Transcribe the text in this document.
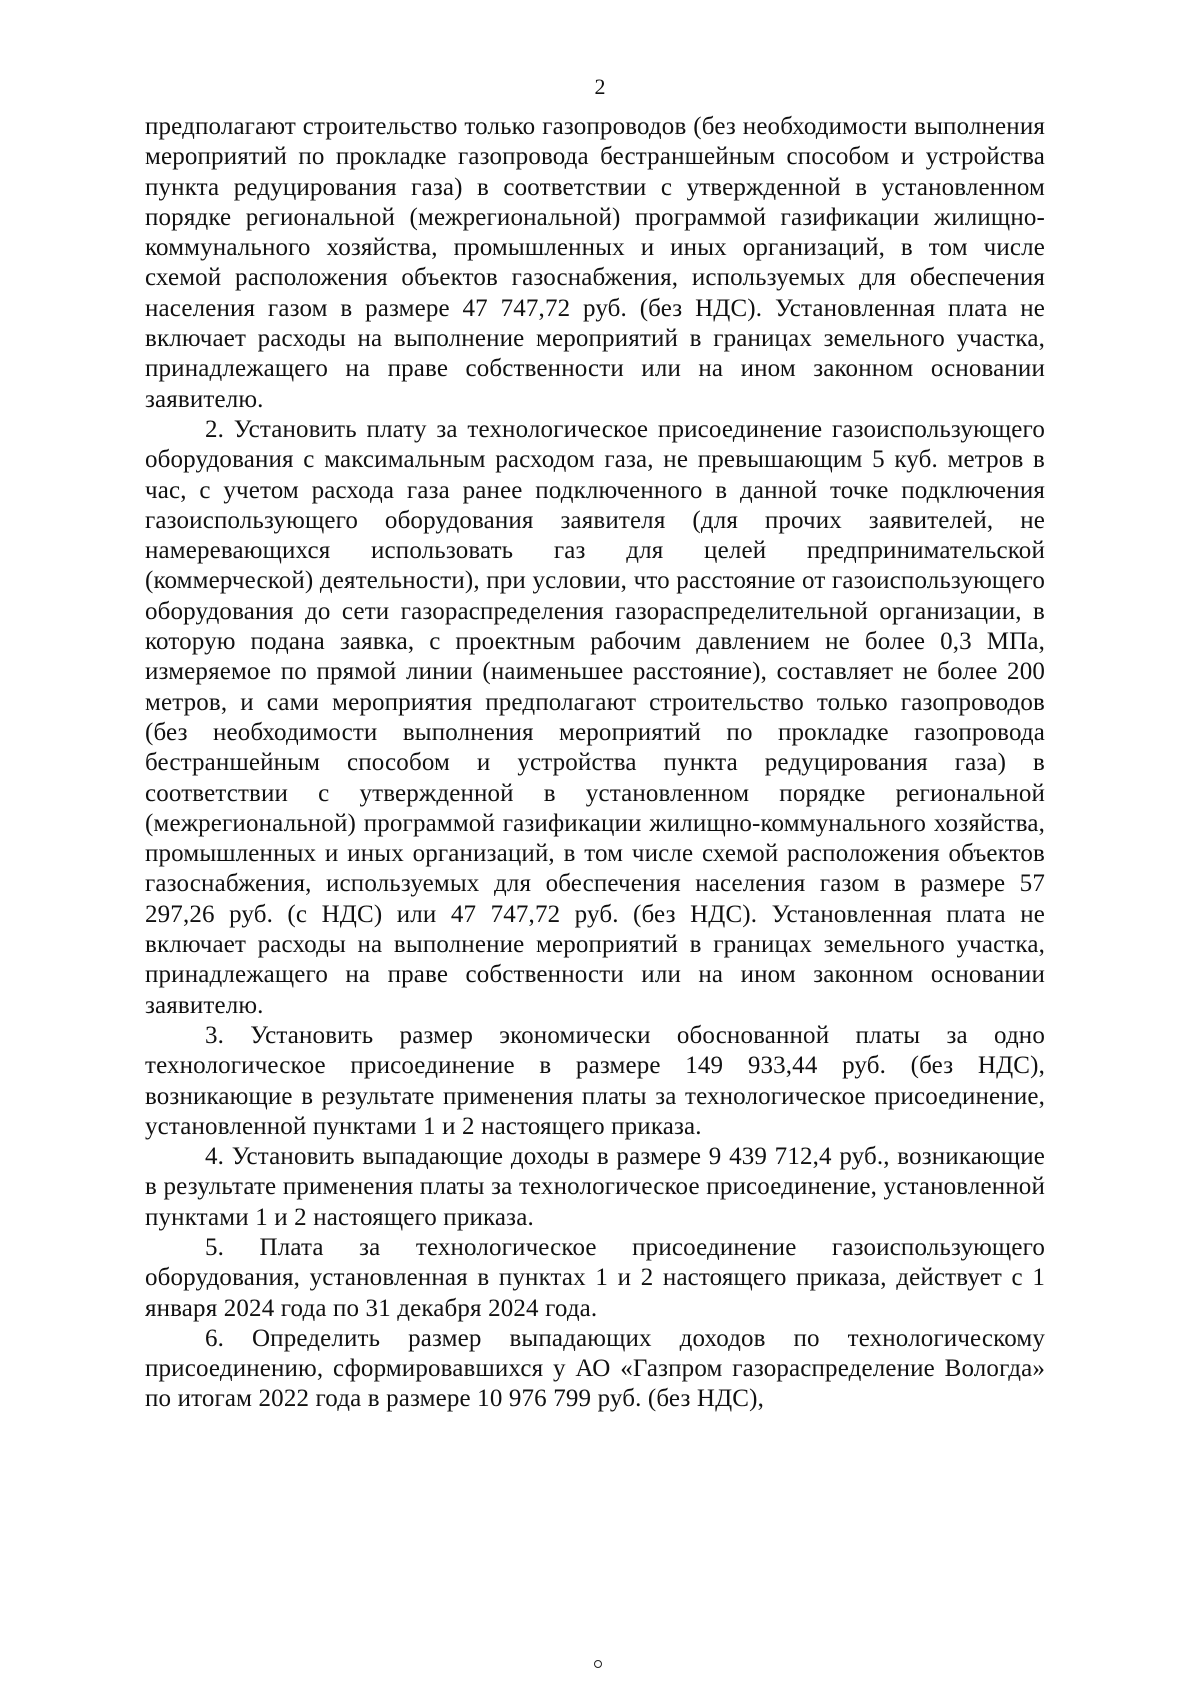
2

предполагают строительство только газопроводов (без необходимости выполнения мероприятий по прокладке газопровода бестраншейным способом и устройства пункта редуцирования газа) в соответствии с утвержденной в установленном порядке региональной (межрегиональной) программой газификации жилищно-коммунального хозяйства, промышленных и иных организаций, в том числе схемой расположения объектов газоснабжения, используемых для обеспечения населения газом в размере 47 747,72 руб. (без НДС). Установленная плата не включает расходы на выполнение мероприятий в границах земельного участка, принадлежащего на праве собственности или на ином законном основании заявителю.

2. Установить плату за технологическое присоединение газоиспользующего оборудования с максимальным расходом газа, не превышающим 5 куб. метров в час, с учетом расхода газа ранее подключенного в данной точке подключения газоиспользующего оборудования заявителя (для прочих заявителей, не намеревающихся использовать газ для целей предпринимательской (коммерческой) деятельности), при условии, что расстояние от газоиспользующего оборудования до сети газораспределения газораспределительной организации, в которую подана заявка, с проектным рабочим давлением не более 0,3 МПа, измеряемое по прямой линии (наименьшее расстояние), составляет не более 200 метров, и сами мероприятия предполагают строительство только газопроводов (без необходимости выполнения мероприятий по прокладке газопровода бестраншейным способом и устройства пункта редуцирования газа) в соответствии с утвержденной в установленном порядке региональной (межрегиональной) программой газификации жилищно-коммунального хозяйства, промышленных и иных организаций, в том числе схемой расположения объектов газоснабжения, используемых для обеспечения населения газом в размере 57 297,26 руб. (с НДС) или 47 747,72 руб. (без НДС). Установленная плата не включает расходы на выполнение мероприятий в границах земельного участка, принадлежащего на праве собственности или на ином законном основании заявителю.

3. Установить размер экономически обоснованной платы за одно технологическое присоединение в размере 149 933,44 руб. (без НДС), возникающие в результате применения платы за технологическое присоединение, установленной пунктами 1 и 2 настоящего приказа.

4. Установить выпадающие доходы в размере 9 439 712,4 руб., возникающие в результате применения платы за технологическое присоединение, установленной пунктами 1 и 2 настоящего приказа.

5. Плата за технологическое присоединение газоиспользующего оборудования, установленная в пунктах 1 и 2 настоящего приказа, действует с 1 января 2024 года по 31 декабря 2024 года.

6. Определить размер выпадающих доходов по технологическому присоединению, сформировавшихся у АО «Газпром газораспределение Вологда» по итогам 2022 года в размере 10 976 799 руб. (без НДС),
